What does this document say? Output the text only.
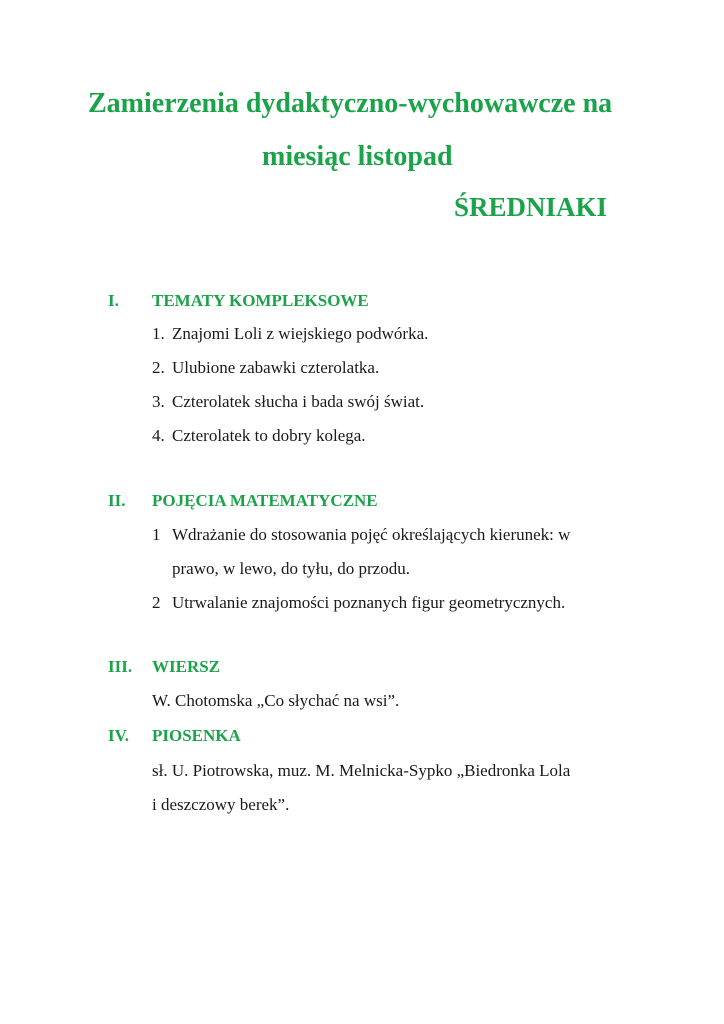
Zamierzenia dydaktyczno-wychowawcze na
miesiąc listopad
ŚREDNIAKI
I. TEMATY KOMPLEKSOWE
1. Znajomi Loli z wiejskiego podwórka.
2. Ulubione zabawki czterolatka.
3. Czterolatek słucha i bada swój świat.
4. Czterolatek to dobry kolega.
II. POJĘCIA MATEMATYCZNE
1 Wdrażanie do stosowania pojęć określających kierunek: w
prawo, w lewo, do tyłu, do przodu.
2 Utrwalanie znajomości poznanych figur geometrycznych.
III. WIERSZ
W. Chotomska „Co słychać na wsi”.
IV. PIOSENKA
sł. U. Piotrowska, muz. M. Melnicka-Sypko „Biedronka Lola
i deszczowy berek”.
